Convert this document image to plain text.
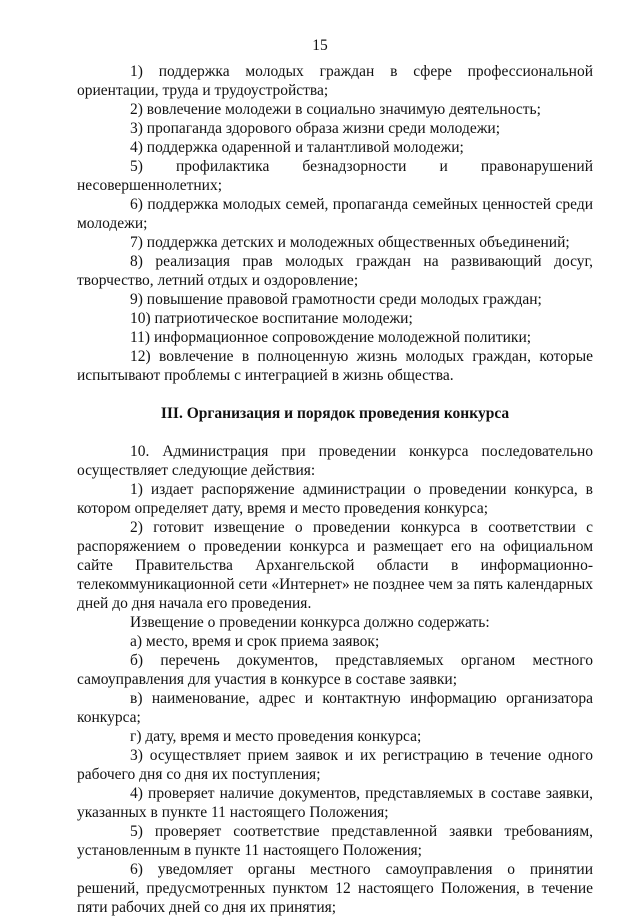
15

1) поддержка молодых граждан в сфере профессиональной ориентации, труда и трудоустройства;

2) вовлечение молодежи в социально значимую деятельность;

3) пропаганда здорового образа жизни среди молодежи;

4) поддержка одаренной и талантливой молодежи;

5) профилактика безнадзорности и правонарушений несовершеннолетних;

6) поддержка молодых семей, пропаганда семейных ценностей среди молодежи;

7) поддержка детских и молодежных общественных объединений;

8) реализация прав молодых граждан на развивающий досуг, творчество, летний отдых и оздоровление;

9) повышение правовой грамотности среди молодых граждан;

10) патриотическое воспитание молодежи;

11) информационное сопровождение молодежной политики;

12) вовлечение в полноценную жизнь молодых граждан, которые испытывают проблемы с интеграцией в жизнь общества.

III. Организация и порядок проведения конкурса

10. Администрация при проведении конкурса последовательно осуществляет следующие действия:

1) издает распоряжение администрации о проведении конкурса, в котором определяет дату, время и место проведения конкурса;

2) готовит извещение о проведении конкурса в соответствии с распоряжением о проведении конкурса и размещает его на официальном сайте Правительства Архангельской области в информационно-телекоммуникационной сети «Интернет» не позднее чем за пять календарных дней до дня начала его проведения.

Извещение о проведении конкурса должно содержать:

а) место, время и срок приема заявок;

б) перечень документов, представляемых органом местного самоуправления для участия в конкурсе в составе заявки;

в) наименование, адрес и контактную информацию организатора конкурса;

г) дату, время и место проведения конкурса;

3) осуществляет прием заявок и их регистрацию в течение одного рабочего дня со дня их поступления;

4) проверяет наличие документов, представляемых в составе заявки, указанных в пункте 11 настоящего Положения;

5) проверяет соответствие представленной заявки требованиям, установленным в пункте 11 настоящего Положения;

6) уведомляет органы местного самоуправления о принятии решений, предусмотренных пунктом 12 настоящего Положения, в течение пяти рабочих дней со дня их принятия;
